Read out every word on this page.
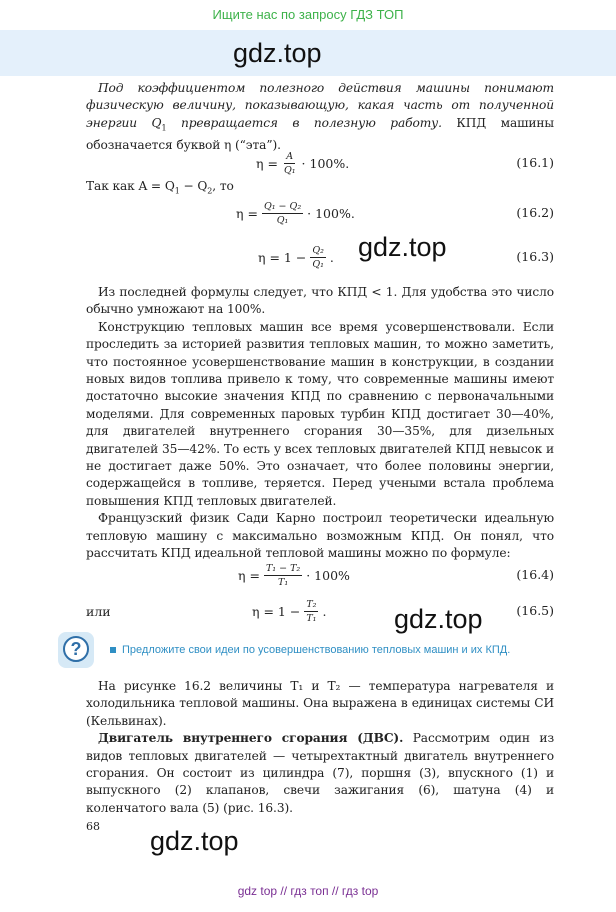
Ищите нас по запросу ГДЗ ТОП
gdz.top
Под коэффициентом полезного действия машины понимают физическую величину, показывающую, какая часть от полученной энергии $Q_1$ превращается в полезную работу. КПД машины обозначается буквой η (“эта”).
$\eta = \frac{A}{\text{Q₁}} \cdot 100\%$.	(16.1)
Так как $A = Q_1 - Q_2$, то
$\eta = \frac{\text{Q₁ − Q₂}}{\text{Q₁}} \cdot 100\%$.	(16.2)
$\eta = 1 - \frac{\text{Q₂}}{\text{Q₁}}$ .	(16.3)
gdz.top
Из последней формулы следует, что КПД < 1. Для удобства это число обычно умножают на 100%.
Конструкцию тепловых машин все время усовершенствовали. Если проследить за историей развития тепловых машин, то можно заметить, что постоянное усовершенствование машин в конструкции, в создании новых видов топлива привело к тому, что современные машины имеют достаточно высокие значения КПД по сравнению с первоначальными моделями. Для современных паровых турбин КПД достигает 30—40%, для двигателей внутреннего сгорания 30—35%, для дизельных двигателей 35—42%. То есть у всех тепловых двигателей КПД невысок и не достигает даже 50%. Это означает, что более половины энергии, содержащейся в топливе, теряется. Перед учеными встала проблема повышения КПД тепловых двигателей.
Французский физик Сади Карно построил теоретически идеальную тепловую машину с максимально возможным КПД. Он понял, что рассчитать КПД идеальной тепловой машины можно по формуле:
$\eta = \frac{\text{T₁ − T₂}}{\text{T₁}} \cdot 100\%$	(16.4)
или	$\eta = 1 - \frac{\text{T₂}}{\text{T₁}}$ .	(16.5)
gdz.top
?	Предложите свои идеи по усовершенствованию тепловых машин и их КПД.
На рисунке 16.2 величины T₁ и T₂ — температура нагревателя и холодильника тепловой машины. Она выражена в единицах системы СИ (Кельвинах).
Двигатель внутреннего сгорания (ДВС). Рассмотрим один из видов тепловых двигателей — четырехтактный двигатель внутреннего сгорания. Он состоит из цилиндра (7), поршня (3), впускного (1) и выпускного (2) клапанов, свечи зажигания (6), шатуна (4) и коленчатого вала (5) (рис. 16.3).
68 gdz.top
gdz top // гдз топ // гдз top
